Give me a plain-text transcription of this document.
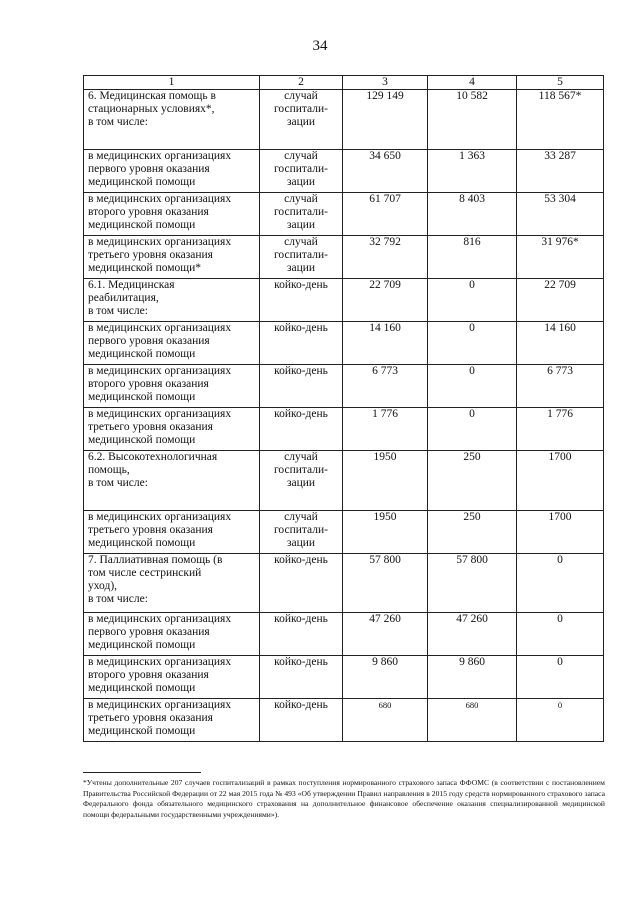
34
1	2	3	4	5
6. Медицинская помощь в
стационарных условиях*,
в том числе:	случай
госпитали-
зации	129 149	10 582	118 567*
в медицинских организациях
первого уровня оказания
медицинской помощи	случай
госпитали-
зации	34 650	1 363	33 287
в медицинских организациях
второго уровня оказания
медицинской помощи	случай
госпитали-
зации	61 707	8 403	53 304
в медицинских организациях
третьего уровня оказания
медицинской помощи*	случай
госпитали-
зации	32 792	816	31 976*
6.1. Медицинская
реабилитация,
в том числе:	койко-день	22 709	0	22 709
в медицинских организациях
первого уровня оказания
медицинской помощи	койко-день	14 160	0	14 160
в медицинских организациях
второго уровня оказания
медицинской помощи	койко-день	6 773	0	6 773
в медицинских организациях
третьего уровня оказания
медицинской помощи	койко-день	1 776	0	1 776
6.2. Высокотехнологичная
помощь,
в том числе:	случай
госпитали-
зации	1950	250	1700
в медицинских организациях
третьего уровня оказания
медицинской помощи	случай
госпитали-
зации	1950	250	1700
7. Паллиативная помощь (в
том числе сестринский
уход),
в том числе:	койко-день	57 800	57 800	0
в медицинских организациях
первого уровня оказания
медицинской помощи	койко-день	47 260	47 260	0
в медицинских организациях
второго уровня оказания
медицинской помощи	койко-день	9 860	9 860	0
в медицинских организациях
третьего уровня оказания
медицинской помощи	койко-день	680	680	0
*Учтены дополнительные 207 случаев госпитализаций в рамках поступления нормированного страхового запаса ФФОМС (в соответствии с постановлением Правительства Российской Федерации от 22 мая 2015 года № 493 «Об утверждении Правил направления в 2015 году средств нормированного страхового запаса Федерального фонда обязательного медицинского страхования на дополнительное финансовое обеспечение оказания специализированной медицинской помощи федеральными государственными учреждениями»).
